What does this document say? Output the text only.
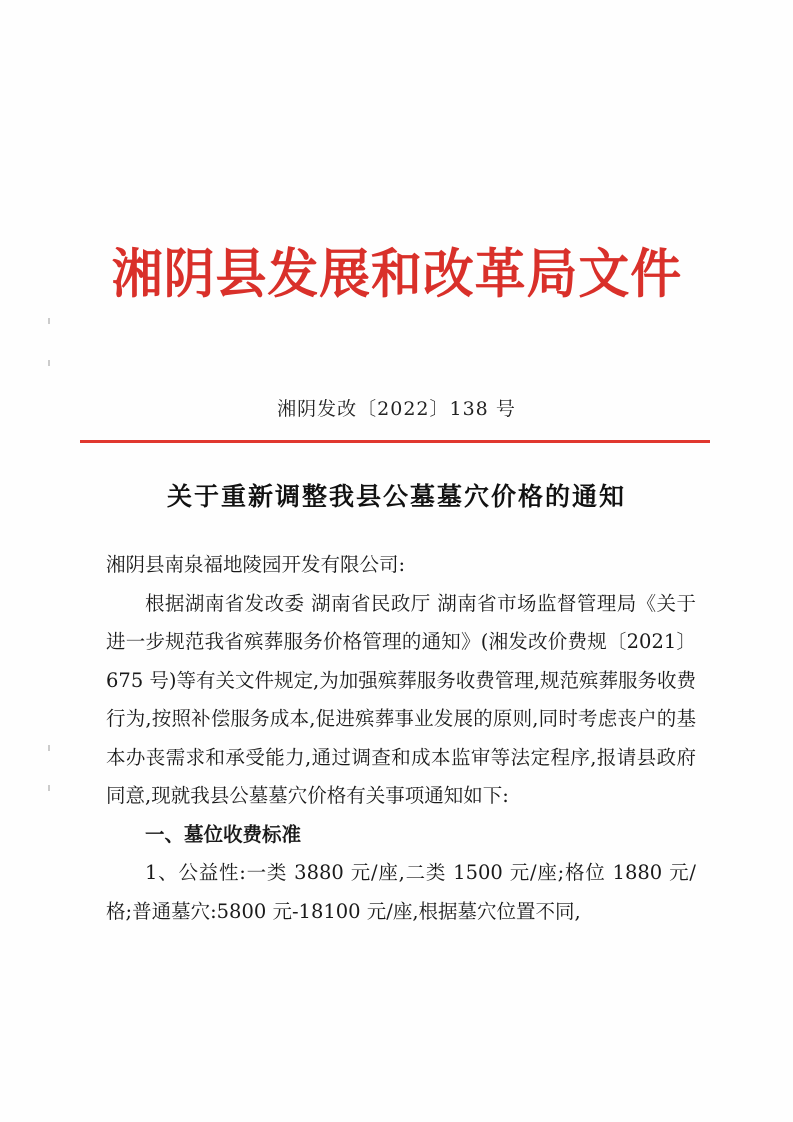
湘阴县发展和改革局文件
湘阴发改〔2022〕138 号
关于重新调整我县公墓墓穴价格的通知

湘阴县南泉福地陵园开发有限公司:

根据湖南省发改委 湖南省民政厅 湖南省市场监督管理局《关于进一步规范我省殡葬服务价格管理的通知》(湘发改价费规〔2021〕675 号)等有关文件规定,为加强殡葬服务收费管理,规范殡葬服务收费行为,按照补偿服务成本,促进殡葬事业发展的原则,同时考虑丧户的基本办丧需求和承受能力,通过调查和成本监审等法定程序,报请县政府同意,现就我县公墓墓穴价格有关事项通知如下:

一、墓位收费标准

1、公益性:一类 3880 元/座,二类 1500 元/座;格位 1880 元/格;普通墓穴:5800 元-18100 元/座,根据墓穴位置不同,
